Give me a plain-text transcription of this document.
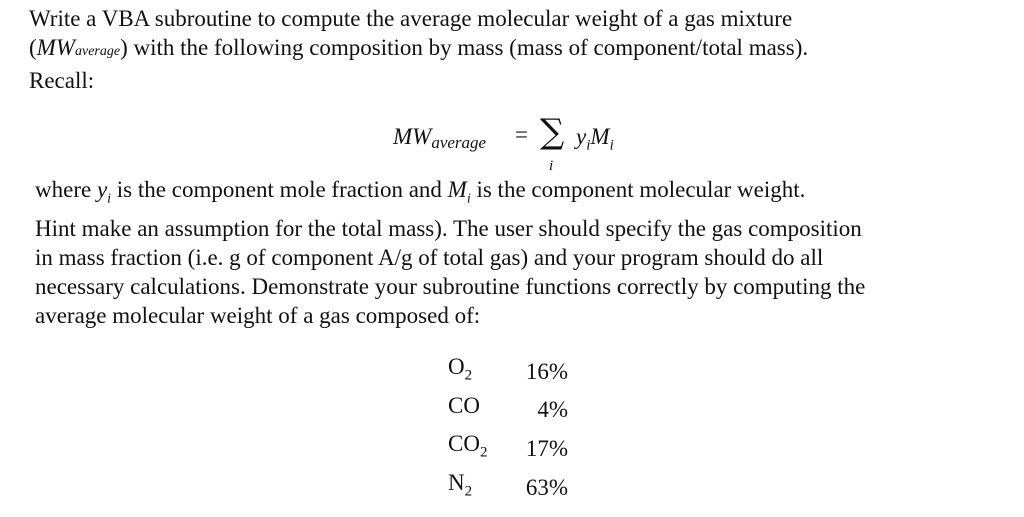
Write a VBA subroutine to compute the average molecular weight of a gas mixture
(MWaverage) with the following composition by mass (mass of component/total mass).
Recall:
MWaverage = ∑
i
$y_iM_i$
where $y_i$ is the component mole fraction and $M_i$ is the component molecular weight.
Hint make an assumption for the total mass). The user should specify the gas composition
in mass fraction (i.e. g of component A/g of total gas) and your program should do all
necessary calculations. Demonstrate your subroutine functions correctly by computing the
average molecular weight of a gas composed of:
$O_2$	16%
CO	4%
$CO_2$	17%
$N_2$	63%
